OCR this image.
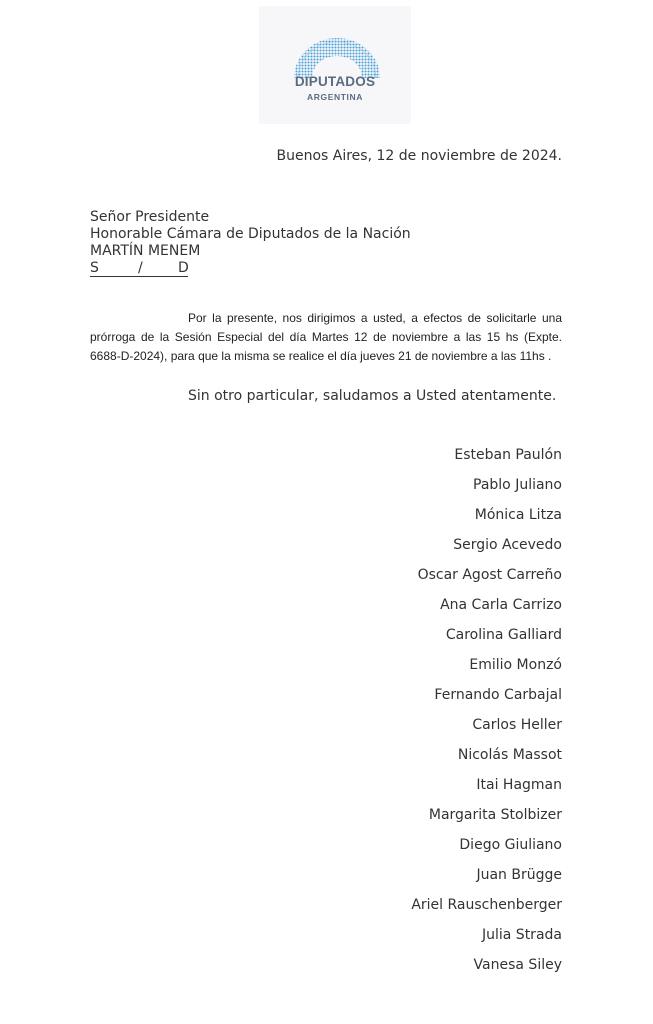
DIPUTADOS
ARGENTINA
Buenos Aires, 12 de noviembre de 2024.
Señor Presidente
Honorable Cámara de Diputados de la Nación
MARTÍN MENEM
S	/	D
Por la presente, nos dirigimos a usted, a efectos de solicitarle una prórroga de la Sesión Especial del día Martes 12 de noviembre a las 15 hs (Expte. 6688-D-2024), para que la misma se realice el día jueves 21 de noviembre a las 11hs .
Sin otro particular, saludamos a Usted atentamente.
Esteban Paulón
Pablo Juliano
Mónica Litza
Sergio Acevedo
Oscar Agost Carreño
Ana Carla Carrizo
Carolina Galliard
Emilio Monzó
Fernando Carbajal
Carlos Heller
Nicolás Massot
Itai Hagman
Margarita Stolbizer
Diego Giuliano
Juan Brügge
Ariel Rauschenberger
Julia Strada
Vanesa Siley
